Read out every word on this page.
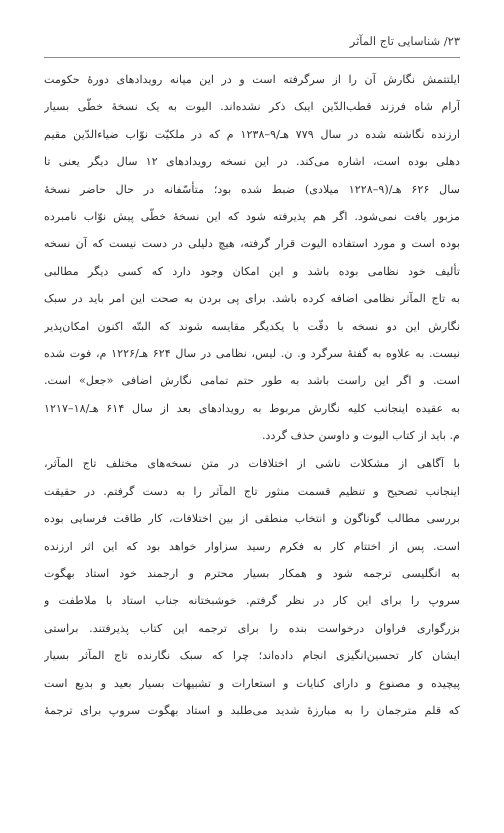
۲۳/ شناسایی تاج المآثر
ایلتتمش نگارش آن را از سرگرفته است و در این میانه رویدادهای دورهٔ حکومت
آرام شاه فرزند قطب‌الدّین ایبک ذکر نشده‌اند. الیوت به یک نسخهٔ خطّی بسیار
ارزنده نگاشته شده در سال ۷۷۹ هـ/۹–۱۲۳۸ م که در ملکیّت نوّاب ضیاءالدّین مقیم
دهلی بوده است، اشاره می‌کند. در این نسخه رویدادهای ۱۲ سال دیگر یعنی تا
سال ۶۲۶ هـ/(۹–۱۲۲۸ میلادی) ضبط شده بود؛ متأسّفانه در حال حاضر نسخهٔ
مزبور یافت نمی‌شود. اگر هم پذیرفته شود که این نسخهٔ خطّی پیش نوّاب نامبرده
بوده است و مورد استفاده الیوت قرار گرفته، هیچ دلیلی در دست نیست که آن نسخه
تألیف خود نظامی بوده باشد و این امکان وجود دارد که کسی دیگر مطالبی
به تاج المآثر نظامی اضافه کرده باشد. برای پی بردن به صحت این امر باید در سبک
نگارش این دو نسخه با دقّت با یکدیگر مقایسه شوند که البتّه اکنون امکان‌پذیر
نیست. به علاوه به گفتهٔ سرگرد و. ن. لیس، نظامی در سال ۶۲۴ هـ/۱۲۲۶ م، فوت شده
است. و اگر این راست باشد به طور حتم تمامی نگارش اضافی «جعل» است.
به عقیده اینجانب کلیه نگارش مربوط به رویدادهای بعد از سال ۶۱۴ هـ/۱۸–۱۲۱۷
م. باید از کتاب الیوت و داوسن حذف گردد.
با آگاهی از مشکلات ناشی از اختلافات در متن نسخه‌های مختلف تاج المآثر،
اینجانب تصحیح و تنظیم قسمت منثور تاج المآثر را به دست گرفتم. در حقیقت
بررسی مطالب گوناگون و انتخاب منطقی از بین اختلافات، کار طاقت فرسایی بوده
است. پس از اختتام کار به فکرم رسید سزاوار خواهد بود که این اثر ارزنده
به انگلیسی ترجمه شود و همکار بسیار محترم و ارجمند خود استاد بهگوت
سروپ را برای این کار در نظر گرفتم. خوشبختانه جناب استاد با ملاطفت و
بزرگواری فراوان درخواست بنده را برای ترجمه این کتاب پذیرفتند. براستی
ایشان کار تحسین‌انگیزی انجام داده‌اند؛ چرا که سبک نگارنده تاج المآثر بسیار
پیچیده و مصنوع و دارای کنایات و استعارات و تشبیهات بسیار بعید و بدیع است
که قلم مترجمان را به مبارزهٔ شدید می‌طلبد و استاد بهگوت سروپ برای ترجمهٔ
